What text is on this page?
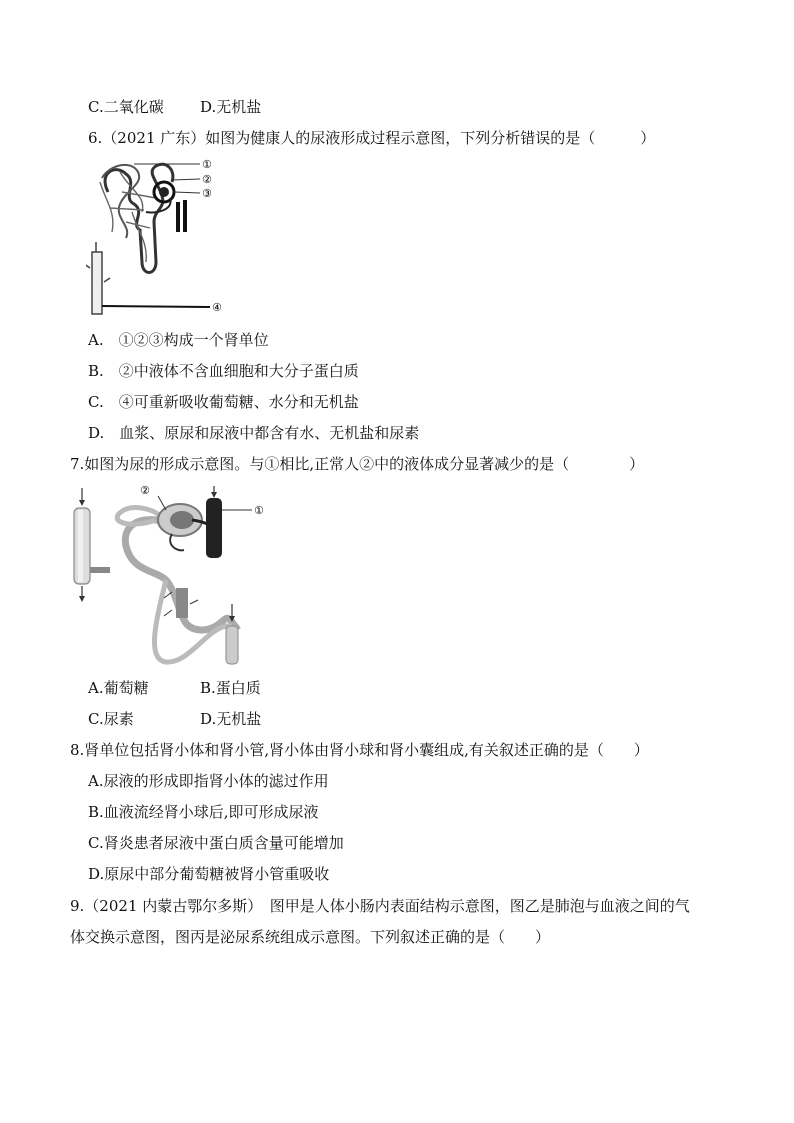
C.二氧化碳 D.无机盐
6.（2021 广东）如图为健康人的尿液形成过程示意图，下列分析错误的是（　　　）
①
②
③
④
A.　①②③构成一个肾单位
B.　②中液体不含血细胞和大分子蛋白质
C.　④可重新吸收葡萄糖、水分和无机盐
D.　血浆、原尿和尿液中都含有水、无机盐和尿素
7.如图为尿的形成示意图。与①相比,正常人②中的液体成分显著减少的是（　　　　）
②
①
A.葡萄糖	B.蛋白质
C.尿素	D.无机盐
8.肾单位包括肾小体和肾小管,肾小体由肾小球和肾小囊组成,有关叙述正确的是（　　）
A.尿液的形成即指肾小体的滤过作用
B.血液流经肾小球后,即可形成尿液
C.肾炎患者尿液中蛋白质含量可能增加
D.原尿中部分葡萄糖被肾小管重吸收
9.（2021 内蒙古鄂尔多斯）　图甲是人体小肠内表面结构示意图，图乙是肺泡与血液之间的气
体交换示意图，图丙是泌尿系统组成示意图。下列叙述正确的是（　　）
